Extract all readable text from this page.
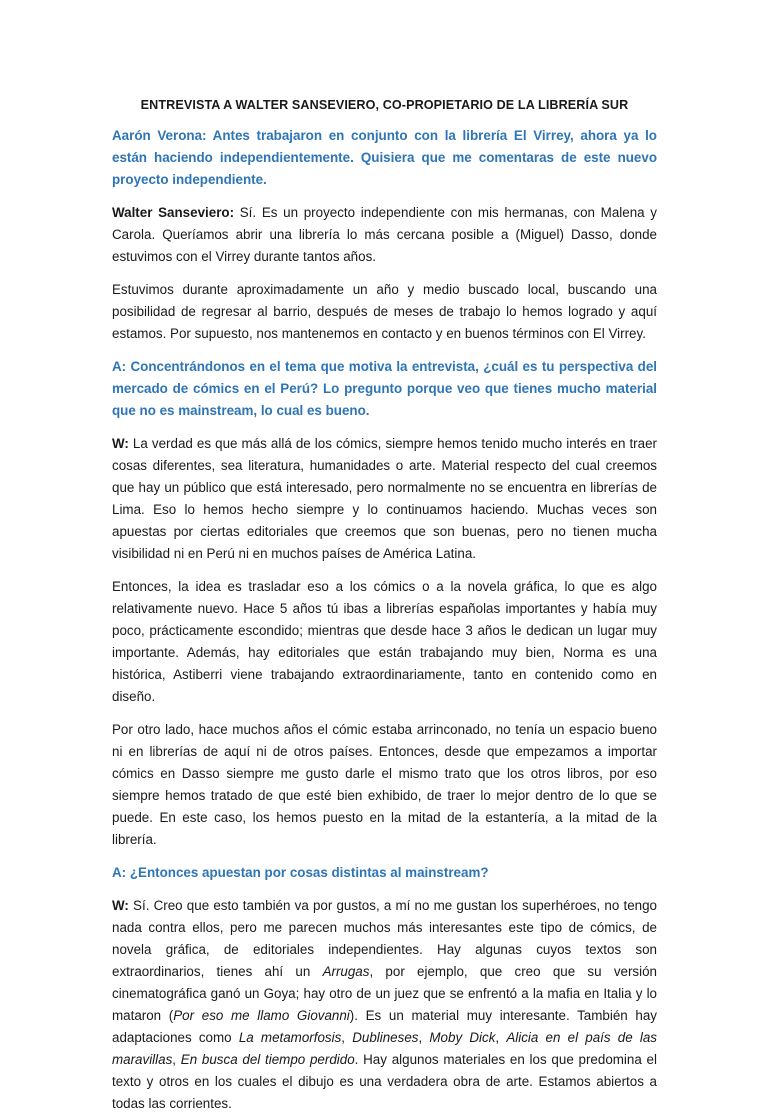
ENTREVISTA A WALTER SANSEVIERO, CO-PROPIETARIO DE LA LIBRERÍA SUR

Aarón Verona: Antes trabajaron en conjunto con la librería El Virrey, ahora ya lo están haciendo independientemente. Quisiera que me comentaras de este nuevo proyecto independiente.

Walter Sanseviero: Sí. Es un proyecto independiente con mis hermanas, con Malena y Carola. Queríamos abrir una librería lo más cercana posible a (Miguel) Dasso, donde estuvimos con el Virrey durante tantos años.

Estuvimos durante aproximadamente un año y medio buscado local, buscando una posibilidad de regresar al barrio, después de meses de trabajo lo hemos logrado y aquí estamos. Por supuesto, nos mantenemos en contacto y en buenos términos con El Virrey.

A: Concentrándonos en el tema que motiva la entrevista, ¿cuál es tu perspectiva del mercado de cómics en el Perú? Lo pregunto porque veo que tienes mucho material que no es mainstream, lo cual es bueno.

W: La verdad es que más allá de los cómics, siempre hemos tenido mucho interés en traer cosas diferentes, sea literatura, humanidades o arte. Material respecto del cual creemos que hay un público que está interesado, pero normalmente no se encuentra en librerías de Lima. Eso lo hemos hecho siempre y lo continuamos haciendo. Muchas veces son apuestas por ciertas editoriales que creemos que son buenas, pero no tienen mucha visibilidad ni en Perú ni en muchos países de América Latina.

Entonces, la idea es trasladar eso a los cómics o a la novela gráfica, lo que es algo relativamente nuevo. Hace 5 años tú ibas a librerías españolas importantes y había muy poco, prácticamente escondido; mientras que desde hace 3 años le dedican un lugar muy importante. Además, hay editoriales que están trabajando muy bien, Norma es una histórica, Astiberri viene trabajando extraordinariamente, tanto en contenido como en diseño.

Por otro lado, hace muchos años el cómic estaba arrinconado, no tenía un espacio bueno ni en librerías de aquí ni de otros países. Entonces, desde que empezamos a importar cómics en Dasso siempre me gusto darle el mismo trato que los otros libros, por eso siempre hemos tratado de que esté bien exhibido, de traer lo mejor dentro de lo que se puede. En este caso, los hemos puesto en la mitad de la estantería, a la mitad de la librería.

A: ¿Entonces apuestan por cosas distintas al mainstream?

W: Sí. Creo que esto también va por gustos, a mí no me gustan los superhéroes, no tengo nada contra ellos, pero me parecen muchos más interesantes este tipo de cómics, de novela gráfica, de editoriales independientes. Hay algunas cuyos textos son extraordinarios, tienes ahí un Arrugas, por ejemplo, que creo que su versión cinematográfica ganó un Goya; hay otro de un juez que se enfrentó a la mafia en Italia y lo mataron (Por eso me llamo Giovanni). Es un material muy interesante. También hay adaptaciones como La metamorfosis, Dublineses, Moby Dick, Alicia en el país de las maravillas, En busca del tiempo perdido. Hay algunos materiales en los que predomina el texto y otros en los cuales el dibujo es una verdadera obra de arte. Estamos abiertos a todas las corrientes.
